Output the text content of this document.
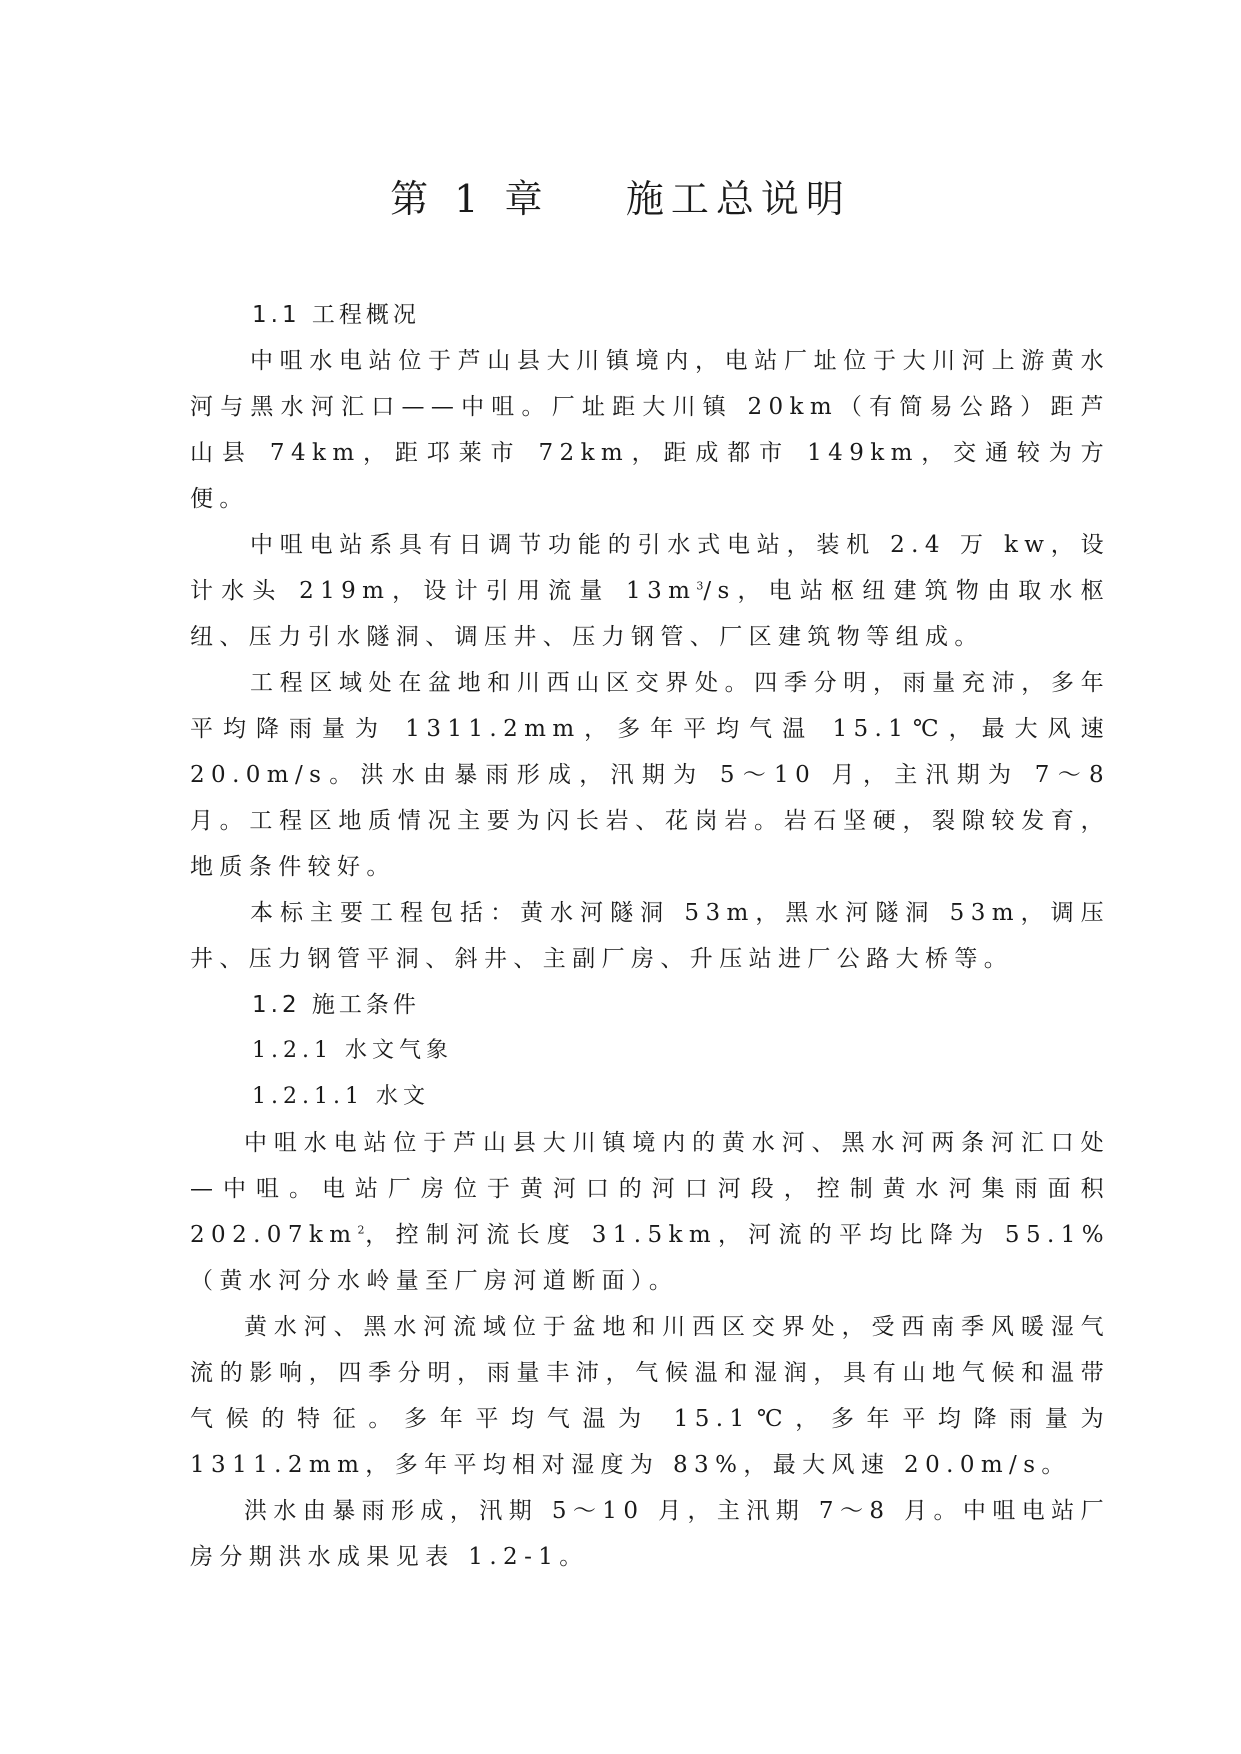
第 1 章    施工总说明
1.1 工程概况

中咀水电站位于芦山县大川镇境内，电站厂址位于大川河上游黄水河与黑水河汇口——中咀。厂址距大川镇 20km（有简易公路）距芦山县 74km，距邛莱市 72km，距成都市 149km，交通较为方便。

中咀电站系具有日调节功能的引水式电站，装机 2.4 万 kw，设计水头 219m，设计引用流量 $13m^3/s$，电站枢纽建筑物由取水枢纽、压力引水隧洞、调压井、压力钢管、厂区建筑物等组成。

工程区域处在盆地和川西山区交界处。四季分明，雨量充沛，多年平均降雨量为 1311.2mm，多年平均气温 15.1℃，最大风速 20.0m/s。洪水由暴雨形成，汛期为 5～10 月，主汛期为 7～8 月。工程区地质情况主要为闪长岩、花岗岩。岩石坚硬，裂隙较发育，地质条件较好。

本标主要工程包括：黄水河隧洞 53m，黑水河隧洞 53m，调压井、压力钢管平洞、斜井、主副厂房、升压站进厂公路大桥等。

1.2 施工条件
1.2.1 水文气象
1.2.1.1 水文

中咀水电站位于芦山县大川镇境内的黄水河、黑水河两条河汇口处—中咀。电站厂房位于黄河口的河口河段，控制黄水河集雨面积 $202.07km^2$，控制河流长度 31.5km，河流的平均比降为 55.1%（黄水河分水岭量至厂房河道断面）。

黄水河、黑水河流域位于盆地和川西区交界处，受西南季风暖湿气流的影响，四季分明，雨量丰沛，气候温和湿润，具有山地气候和温带气候的特征。多年平均气温为 15.1℃，多年平均降雨量为 1311.2mm，多年平均相对湿度为 83%，最大风速 20.0m/s。

洪水由暴雨形成，汛期 5～10 月，主汛期 7～8 月。中咀电站厂房分期洪水成果见表 1.2-1。
